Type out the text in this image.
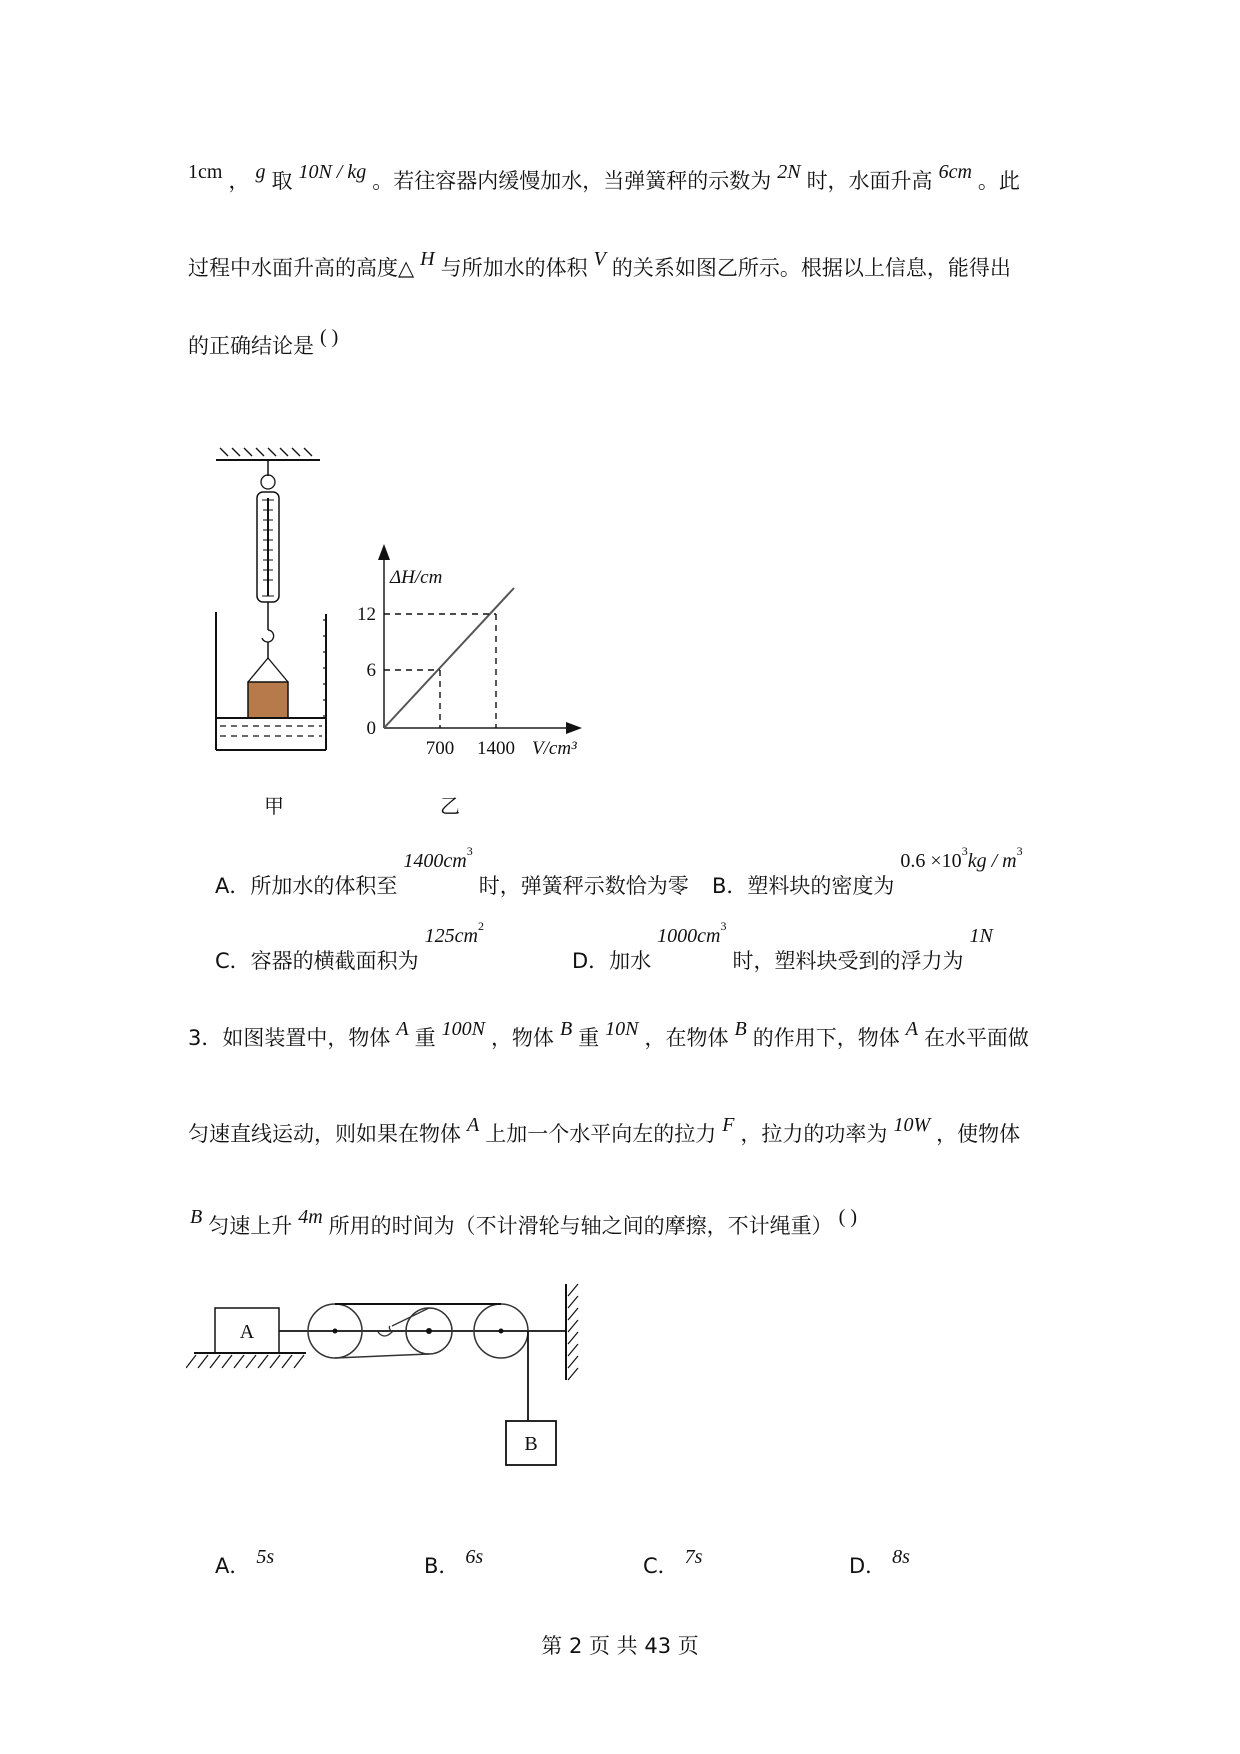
1cm ， g 取 10N / kg 。若往容器内缓慢加水，当弹簧秤的示数为 2N 时，水面升高 6cm 。此
过程中水面升高的高度△ H 与所加水的体积 V 的关系如图乙所示。根据以上信息，能得出
的正确结论是 ( )
甲
ΔH/cm
0
6
12
700 1400 V/cm³
乙
A．所加水的体积至$1400cm^3$时，弹簧秤示数恰为零 B．塑料块的密度为$0.6 \times 10^3kg / m^3$
C．容器的横截面积为$125cm^2$
D．加水$1000cm^3$时，塑料块受到的浮力为1N
3．如图装置中，物体 A 重 100N ，物体 B 重 10N ，在物体 B 的作用下，物体 A 在水平面做
匀速直线运动，则如果在物体 A 上加一个水平向左的拉力 F ，拉力的功率为 10W ，使物体
B 匀速上升 4m 所用的时间为（不计滑轮与轴之间的摩擦，不计绳重） ( )
A
B
A． 5s	B． 6s	C． 7s	D． 8s
第 2 页 共 43 页
